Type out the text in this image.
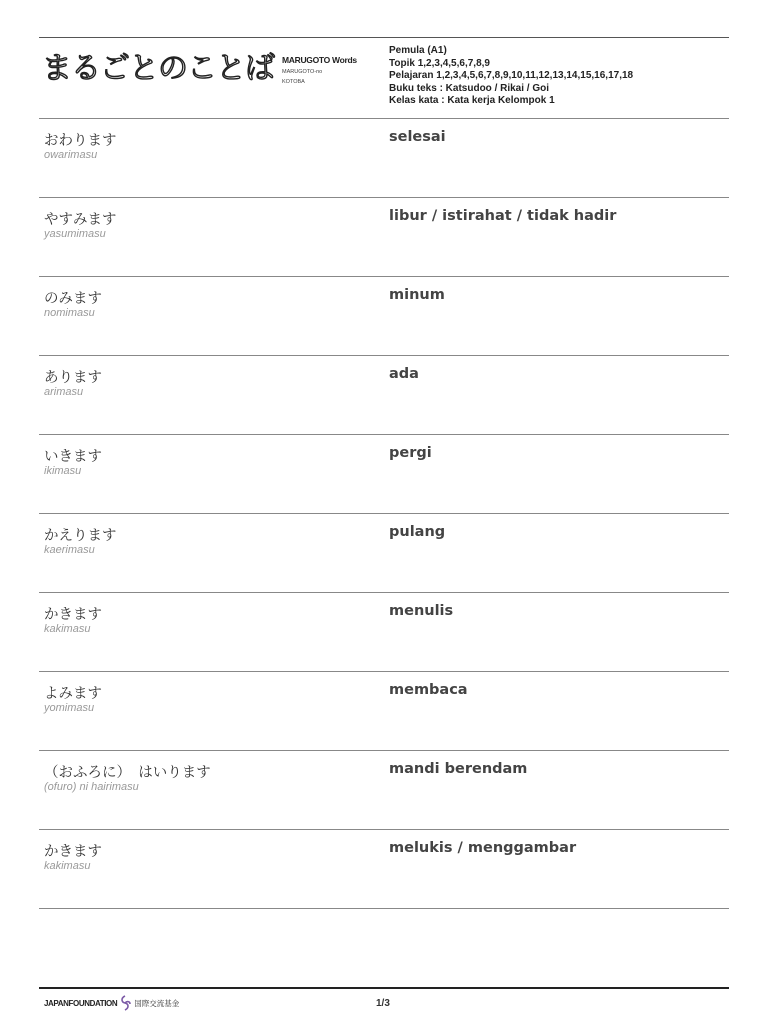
まるごとのことば MARUGOTO Words
MARUGOTO-no
KOTOBA
Pemula (A1)
Topik 1,2,3,4,5,6,7,8,9
Pelajaran 1,2,3,4,5,6,7,8,9,10,11,12,13,14,15,16,17,18
Buku teks : Katsudoo / Rikai / Goi
Kelas kata : Kata kerja Kelompok 1
おわります
owarimasu
selesai
やすみます
yasumimasu
libur / istirahat / tidak hadir
のみます
nomimasu
minum
あります
arimasu
ada
いきます
ikimasu
pergi
かえります
kaerimasu
pulang
かきます
kakimasu
menulis
よみます
yomimasu
membaca
（おふろに）　はいります
(ofuro) ni hairimasu
mandi berendam
かきます
kakimasu
melukis / menggambar
JAPANFOUNDATION 国際交流基金	1/3
